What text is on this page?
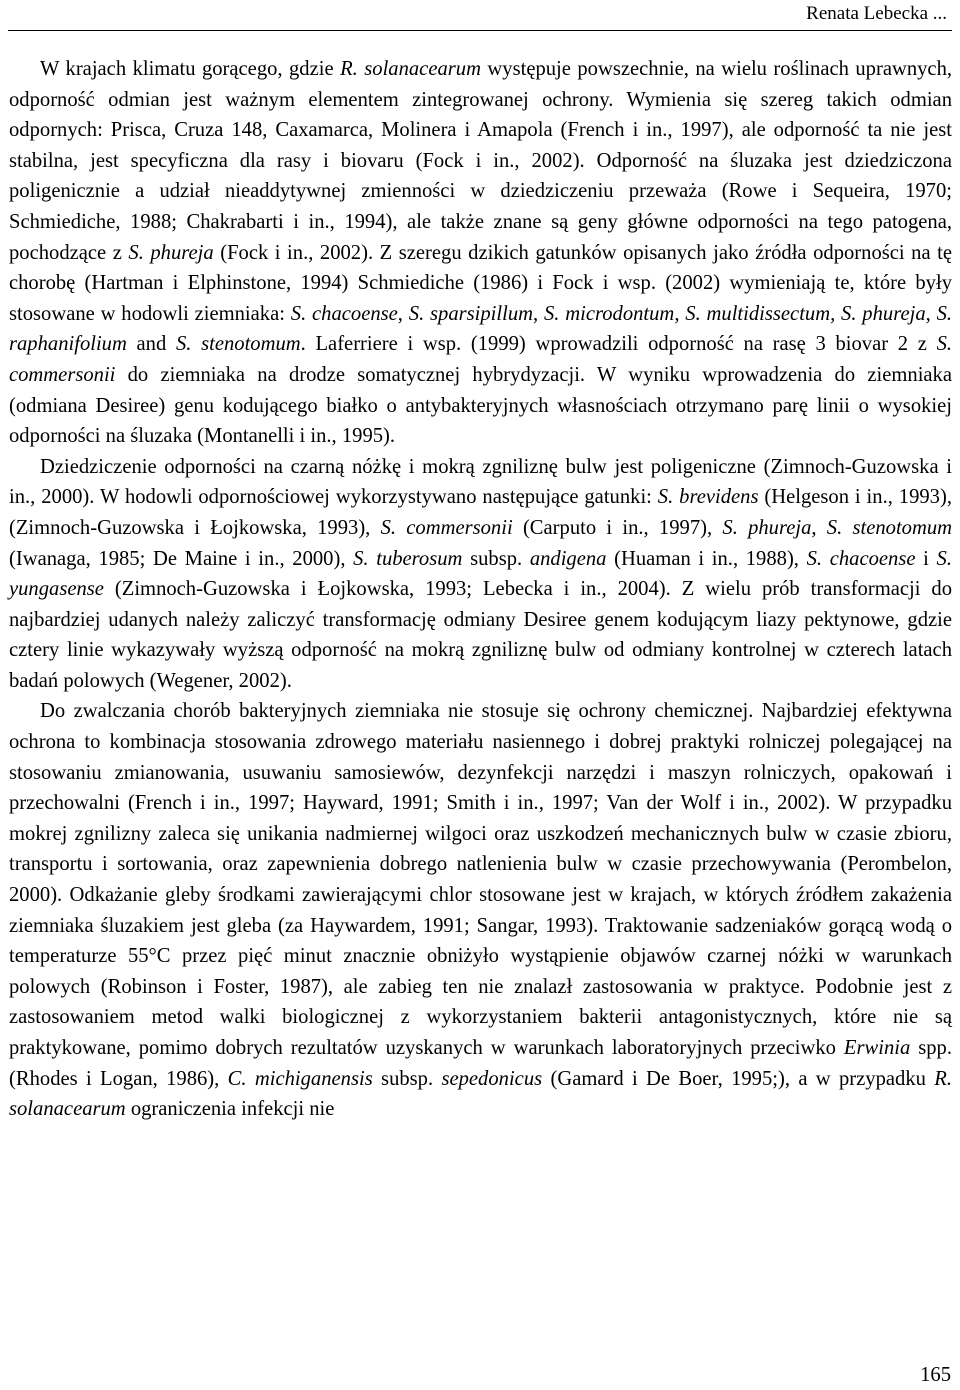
Renata Lebecka ...

W krajach klimatu gorącego, gdzie R. solanacearum występuje powszechnie, na wielu roślinach uprawnych, odporność odmian jest ważnym elementem zintegrowanej ochrony. Wymienia się szereg takich odmian odpornych: Prisca, Cruza 148, Caxamarca, Molinera i Amapola (French i in., 1997), ale odporność ta nie jest stabilna, jest specyficzna dla rasy i biovaru (Fock i in., 2002). Odporność na śluzaka jest dziedziczona poligenicznie a udział nieaddytywnej zmienności w dziedziczeniu przeważa (Rowe i Sequeira, 1970; Schmiediche, 1988; Chakrabarti i in., 1994), ale także znane są geny główne odporności na tego patogena, pochodzące z S. phureja (Fock i in., 2002). Z szeregu dzikich gatunków opisanych jako źródła odporności na tę chorobę (Hartman i Elphinstone, 1994) Schmiediche (1986) i Fock i wsp. (2002) wymieniają te, które były stosowane w hodowli ziemniaka: S. chacoense, S. sparsipillum, S. microdontum, S. multidissectum, S. phureja, S. raphanifolium and S. stenotomum. Laferriere i wsp. (1999) wprowadzili odporność na rasę 3 biovar 2 z S. commersonii do ziemniaka na drodze somatycznej hybrydyzacji. W wyniku wprowadzenia do ziemniaka (odmiana Desiree) genu kodującego białko o antybakteryjnych własnościach otrzymano parę linii o wysokiej odporności na śluzaka (Montanelli i in., 1995).

Dziedziczenie odporności na czarną nóżkę i mokrą zgniliznę bulw jest poligeniczne (Zimnoch-Guzowska i in., 2000). W hodowli odpornościowej wykorzystywano następujące gatunki: S. brevidens (Helgeson i in., 1993), (Zimnoch-Guzowska i Łojkowska, 1993), S. commersonii (Carputo i in., 1997), S. phureja, S. stenotomum (Iwanaga, 1985; De Maine i in., 2000), S. tuberosum subsp. andigena (Huaman i in., 1988), S. chacoense i S. yungasense (Zimnoch-Guzowska i Łojkowska, 1993; Lebecka i in., 2004). Z wielu prób transformacji do najbardziej udanych należy zaliczyć transformację odmiany Desiree genem kodującym liazy pektynowe, gdzie cztery linie wykazywały wyższą odporność na mokrą zgniliznę bulw od odmiany kontrolnej w czterech latach badań polowych (Wegener, 2002).

Do zwalczania chorób bakteryjnych ziemniaka nie stosuje się ochrony chemicznej. Najbardziej efektywna ochrona to kombinacja stosowania zdrowego materiału nasiennego i dobrej praktyki rolniczej polegającej na stosowaniu zmianowania, usuwaniu samosiewów, dezynfekcji narzędzi i maszyn rolniczych, opakowań i przechowalni (French i in., 1997; Hayward, 1991; Smith i in., 1997; Van der Wolf i in., 2002). W przypadku mokrej zgnilizny zaleca się unikania nadmiernej wilgoci oraz uszkodzeń mechanicznych bulw w czasie zbioru, transportu i sortowania, oraz zapewnienia dobrego natlenienia bulw w czasie przechowywania (Perombelon, 2000). Odkażanie gleby środkami zawierającymi chlor stosowane jest w krajach, w których źródłem zakażenia ziemniaka śluzakiem jest gleba (za Haywardem, 1991; Sangar, 1993). Traktowanie sadzeniaków gorącą wodą o temperaturze 55°C przez pięć minut znacznie obniżyło wystąpienie objawów czarnej nóżki w warunkach polowych (Robinson i Foster, 1987), ale zabieg ten nie znalazł zastosowania w praktyce. Podobnie jest z zastosowaniem metod walki biologicznej z wykorzystaniem bakterii antagonistycznych, które nie są praktykowane, pomimo dobrych rezultatów uzyskanych w warunkach laboratoryjnych przeciwko Erwinia spp. (Rhodes i Logan, 1986), C. michiganensis subsp. sepedonicus (Gamard i De Boer, 1995;), a w przypadku R. solanacearum ograniczenia infekcji nie

165
